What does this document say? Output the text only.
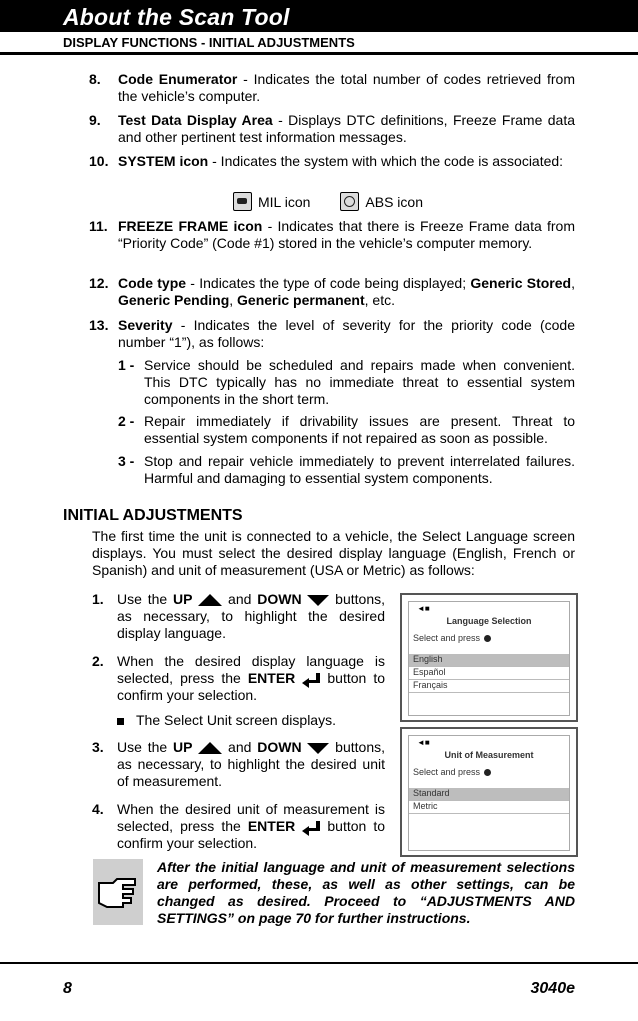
About the Scan Tool
DISPLAY FUNCTIONS - INITIAL ADJUSTMENTS
8. Code Enumerator - Indicates the total number of codes retrieved from the vehicle’s computer.
9. Test Data Display Area - Displays DTC definitions, Freeze Frame data and other pertinent test information messages.
10. SYSTEM icon - Indicates the system with which the code is associated:
MIL icon	ABS icon
11. FREEZE FRAME icon - Indicates that there is Freeze Frame data from “Priority Code” (Code #1) stored in the vehicle’s computer memory.
12. Code type - Indicates the type of code being displayed; Generic Stored, Generic Pending, Generic permanent, etc.
13. Severity - Indicates the level of severity for the priority code (code number “1”), as follows:
1 - Service should be scheduled and repairs made when convenient. This DTC typically has no immediate threat to essential system components in the short term.
2 - Repair immediately if drivability issues are present. Threat to essential system components if not repaired as soon as possible.
3 - Stop and repair vehicle immediately to prevent interrelated failures. Harmful and damaging to essential system components.
INITIAL ADJUSTMENTS
The first time the unit is connected to a vehicle, the Select Language screen displays. You must select the desired display language (English, French or Spanish) and unit of measurement (USA or Metric) as follows:
1. Use the UP  and DOWN  buttons, as necessary, to highlight the desired display language.
2. When the desired display language is selected, press the ENTER
button to confirm your selection.
The Select Unit screen displays.
3. Use the UP  and DOWN  buttons, as necessary, to highlight the desired unit of measurement.
4. When the desired unit of measurement is selected, press the ENTER
button to confirm your selection.
◄■
Language Selection
Select and press
English
Español
Français
◄■
Unit of Measurement
Select and press
Standard
Metric
After the initial language and unit of measurement selections are performed, these, as well as other settings, can be changed as desired. Proceed to “ADJUSTMENTS AND SETTINGS” on page 70 for further instructions.
8	3040e
